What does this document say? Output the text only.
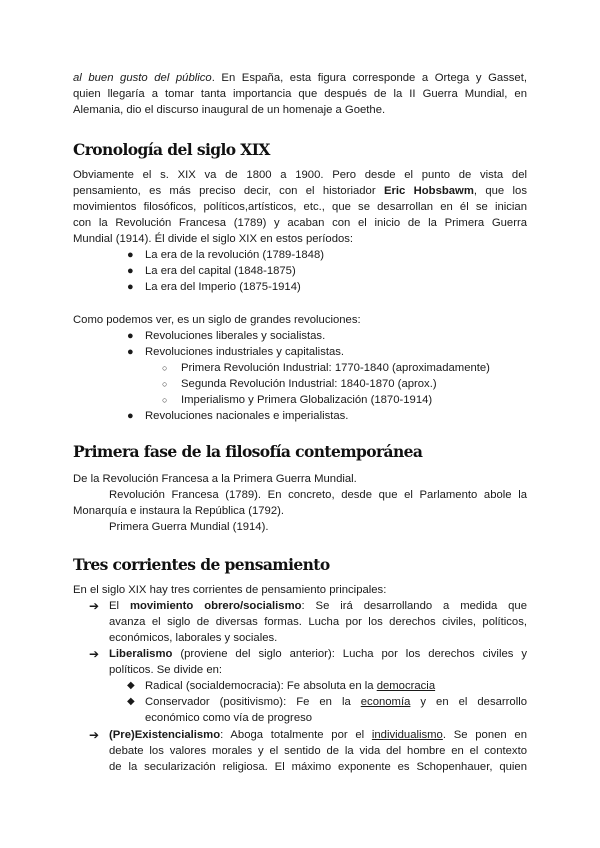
al buen gusto del público. En España, esta figura corresponde a Ortega y Gasset,

quien llegaría a tomar tanta importancia que después de la II Guerra Mundial, en

Alemania, dio el discurso inaugural de un homenaje a Goethe.

Cronología del siglo XIX

Obviamente el s. XIX va de 1800 a 1900. Pero desde el punto de vista del

pensamiento, es más preciso decir, con el historiador Eric Hobsbawm, que los

movimientos filosóficos, políticos,artísticos, etc., que se desarrollan en él se inician

con la Revolución Francesa (1789) y acaban con el inicio de la Primera Guerra

Mundial (1914). Él divide el siglo XIX en estos períodos:

● La era de la revolución (1789-1848)
● La era del capital (1848-1875)
● La era del Imperio (1875-1914)

Como podemos ver, es un siglo de grandes revoluciones:

● Revoluciones liberales y socialistas.
● Revoluciones industriales y capitalistas.
○ Primera Revolución Industrial: 1770-1840 (aproximadamente)
○ Segunda Revolución Industrial: 1840-1870 (aprox.)
○ Imperialismo y Primera Globalización (1870-1914)
● Revoluciones nacionales e imperialistas.
Primera fase de la filosofía contemporánea

De la Revolución Francesa a la Primera Guerra Mundial.

Revolución Francesa (1789). En concreto, desde que el Parlamento abole la

Monarquía e instaura la República (1792).

Primera Guerra Mundial (1914).

Tres corrientes de pensamiento

En el siglo XIX hay tres corrientes de pensamiento principales:

➔ El movimiento obrero/socialismo: Se irá desarrollando a medida que

avanza el siglo de diversas formas. Lucha por los derechos civiles, políticos,

económicos, laborales y sociales.

➔ Liberalismo (proviene del siglo anterior): Lucha por los derechos civiles y

políticos. Se divide en:

◆ Radical (socialdemocracia): Fe absoluta en la democracia

◆ Conservador (positivismo): Fe en la economía y en el desarrollo

económico como vía de progreso

➔ (Pre)Existencialismo: Aboga totalmente por el individualismo. Se ponen en

debate los valores morales y el sentido de la vida del hombre en el contexto

de la secularización religiosa. El máximo exponente es Schopenhauer, quien
